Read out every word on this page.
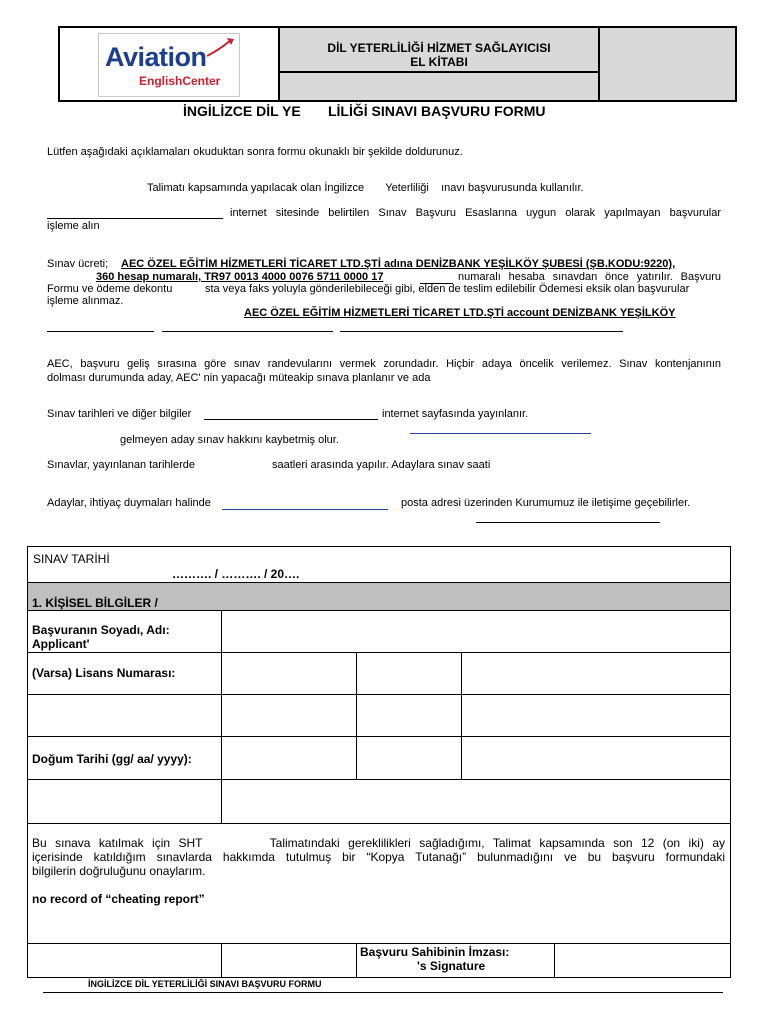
Aviation
EnglishCenter
DİL YETERLİLİĞİ HİZMET SAĞLAYICISI
EL KİTABI
İNGİLİZCE DİL YE       LİLİĞİ SINAVI BAŞVURU FORMU
Lütfen aşağıdaki açıklamaları okuduktan sonra formu okunaklı bir şekilde doldurunuz.
Talimatı kapsamında yapılacak olan İngilizce       Yeterliliği    ınavı başvurusunda kullanılır.
internet sitesinde belirtilen Sınav Başvuru Esaslarına uygun olarak yapılmayan başvurular
işleme alın
Sınav ücreti; AEC ÖZEL EĞİTİM HİZMETLERİ TİCARET LTD.ŞTİ adına DENİZBANK YEŞİLKÖY ŞUBESİ (ŞB.KODU:9220),
360 hesap numaralı, TR97 0013 4000 0076 5711 0000 17	numaralı hesaba sınavdan önce yatırılır. Başvuru
Formu ve ödeme dekontu	sta veya faks yoluyla gönderilebileceği gibi, elden de teslim edilebilir Ödemesi eksik olan başvurular
işleme alınmaz.
AEC ÖZEL EĞİTİM HİZMETLERİ TİCARET LTD.ŞTİ account DENİZBANK YEŞİLKÖY
AEC, başvuru geliş sırasına göre sınav randevularını vermek zorundadır. Hiçbir adaya öncelik verilemez. Sınav kontenjanının
dolması durumunda aday, AEC' nin yapacağı müteakip sınava planlanır ve ada
Sınav tarihleri ve diğer bilgiler	internet sayfasında yayınlanır.
gelmeyen aday sınav hakkını kaybetmiş olur.
Sınavlar, yayınlanan tarihlerde	saatleri arasında yapılır. Adaylara sınav saati
Adaylar, ihtiyaç duymaları halinde	posta adresi üzerinden Kurumumuz ile iletişime geçebilirler.
SINAV TARİHİ
………. / ………. / 20….
1. KİŞİSEL BİLGİLER /
Başvuranın Soyadı, Adı:
Applicant'
(Varsa) Lisans Numarası:
Doğum Tarihi (gg/ aa/ yyyy):
Bu sınava katılmak için SHT        Talimatındaki gereklilikleri sağladığımı, Talimat kapsamında son 12 (on iki) ay
içerisinde katıldığım sınavlarda hakkımda tutulmuş bir “Kopya Tutanağı” bulunmadığını ve bu başvuru formundaki
bilgilerin doğruluğunu onaylarım.
no record of “cheating report”
Başvuru Sahibinin İmzası:
's Signature
İNGİLİZCE DİL YETERLİLİĞİ SINAVI BAŞVURU FORMU
